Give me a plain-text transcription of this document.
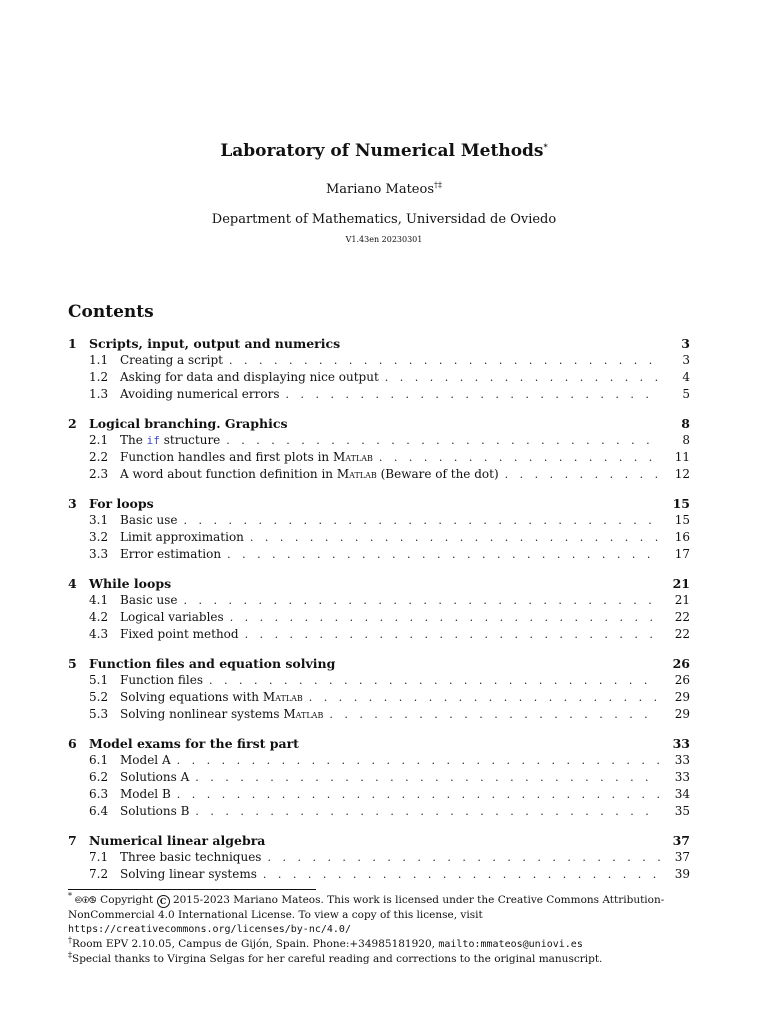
Laboratory of Numerical Methods*
Mariano Mateos†‡
Department of Mathematics, Universidad de Oviedo
V1.43en 20230301
Contents
1 Scripts, input, output and numerics	3
1.1 Creating a script . . .	3
1.2 Asking for data and displaying nice output . . .	4
1.3 Avoiding numerical errors . . .	5
2 Logical branching. Graphics	8
2.1 The if structure . . .	8
2.2 Function handles and first plots in Matlab . . .	11
2.3 A word about function definition in Matlab (Beware of the dot) . . .	12
3 For loops	15
3.1 Basic use . . .	15
3.2 Limit approximation . . .	16
3.3 Error estimation . . .	17
4 While loops	21
4.1 Basic use . . .	21
4.2 Logical variables . . .	22
4.3 Fixed point method . . .	22
5 Function files and equation solving	26
5.1 Function files . . .	26
5.2 Solving equations with Matlab . . .	29
5.3 Solving nonlinear systems Matlab . . .	29
6 Model exams for the first part	33
6.1 Model A . . .	33
6.2 Solutions A . . .	33
6.3 Model B . . .	34
6.4 Solutions B . . .	35
7 Numerical linear algebra	37
7.1 Three basic techniques . . .	37
7.2 Solving linear systems . . .	39

* 🅭🅯🄏 Copyright C 2015-2023 Mariano Mateos. This work is licensed under the Creative Commons Attribution-NonCommercial 4.0 International License. To view a copy of this license, visit https://creativecommons.org/licenses/by-nc/4.0/

†Room EPV 2.10.05, Campus de Gijón, Spain. Phone:+34985181920, mailto:mmateos@uniovi.es

‡Special thanks to Virgina Selgas for her careful reading and corrections to the original manuscript.
